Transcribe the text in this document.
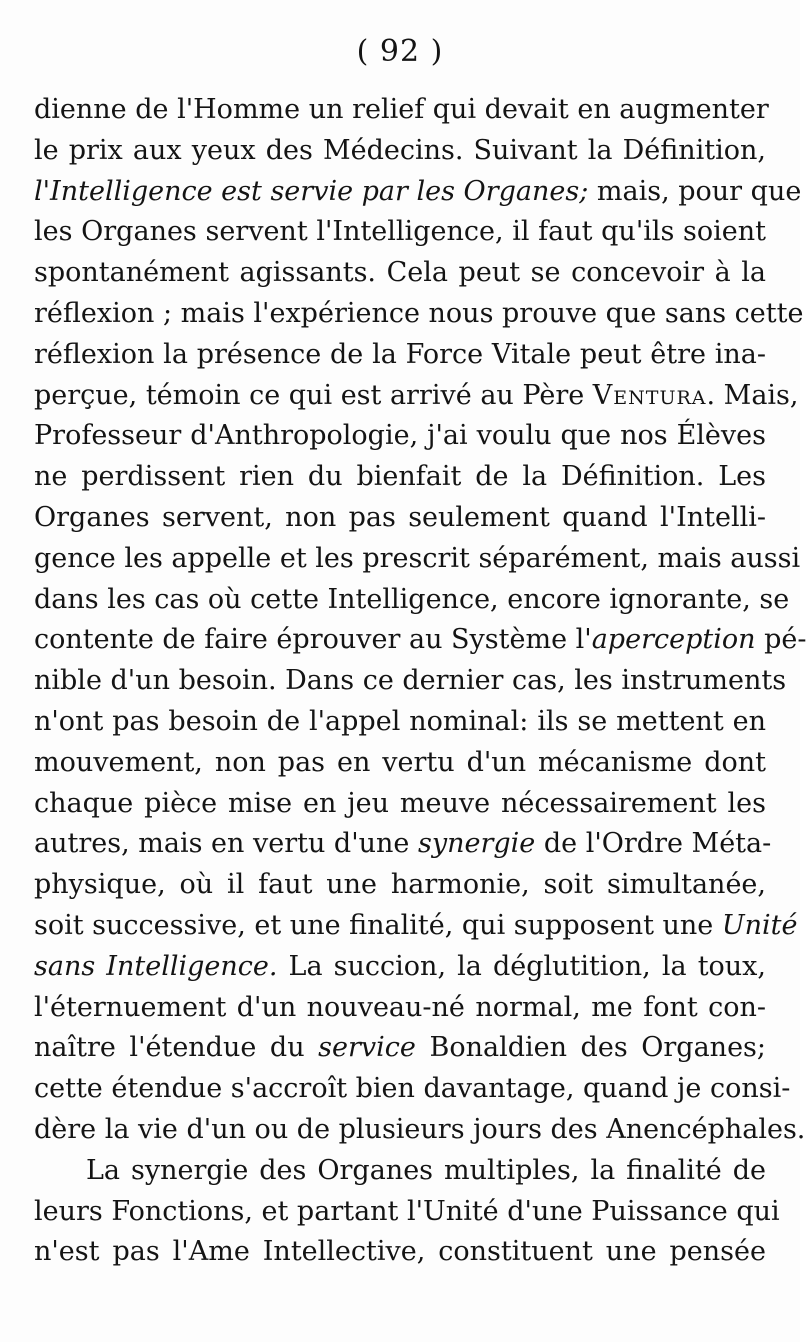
( 92 )
dienne de l'Homme un relief qui devait en augmenter
le prix aux yeux des Médecins. Suivant la Définition,
l'Intelligence est servie par les Organes; mais, pour que
les Organes servent l'Intelligence, il faut qu'ils soient
spontanément agissants. Cela peut se concevoir à la
réflexion ; mais l'expérience nous prouve que sans cette
réflexion la présence de la Force Vitale peut être ina-
perçue, témoin ce qui est arrivé au Père Ventura. Mais,
Professeur d'Anthropologie, j'ai voulu que nos Élèves
ne perdissent rien du bienfait de la Définition. Les
Organes servent, non pas seulement quand l'Intelli-
gence les appelle et les prescrit séparément, mais aussi
dans les cas où cette Intelligence, encore ignorante, se
contente de faire éprouver au Système l'aperception pé-
nible d'un besoin. Dans ce dernier cas, les instruments
n'ont pas besoin de l'appel nominal: ils se mettent en
mouvement, non pas en vertu d'un mécanisme dont
chaque pièce mise en jeu meuve nécessairement les
autres, mais en vertu d'une synergie de l'Ordre Méta-
physique, où il faut une harmonie, soit simultanée,
soit successive, et une finalité, qui supposent une Unité
sans Intelligence. La succion, la déglutition, la toux,
l'éternuement d'un nouveau-né normal, me font con-
naître l'étendue du service Bonaldien des Organes;
cette étendue s'accroît bien davantage, quand je consi-
dère la vie d'un ou de plusieurs jours des Anencéphales.
La synergie des Organes multiples, la finalité de
leurs Fonctions, et partant l'Unité d'une Puissance qui
n'est pas l'Ame Intellective, constituent une pensée
